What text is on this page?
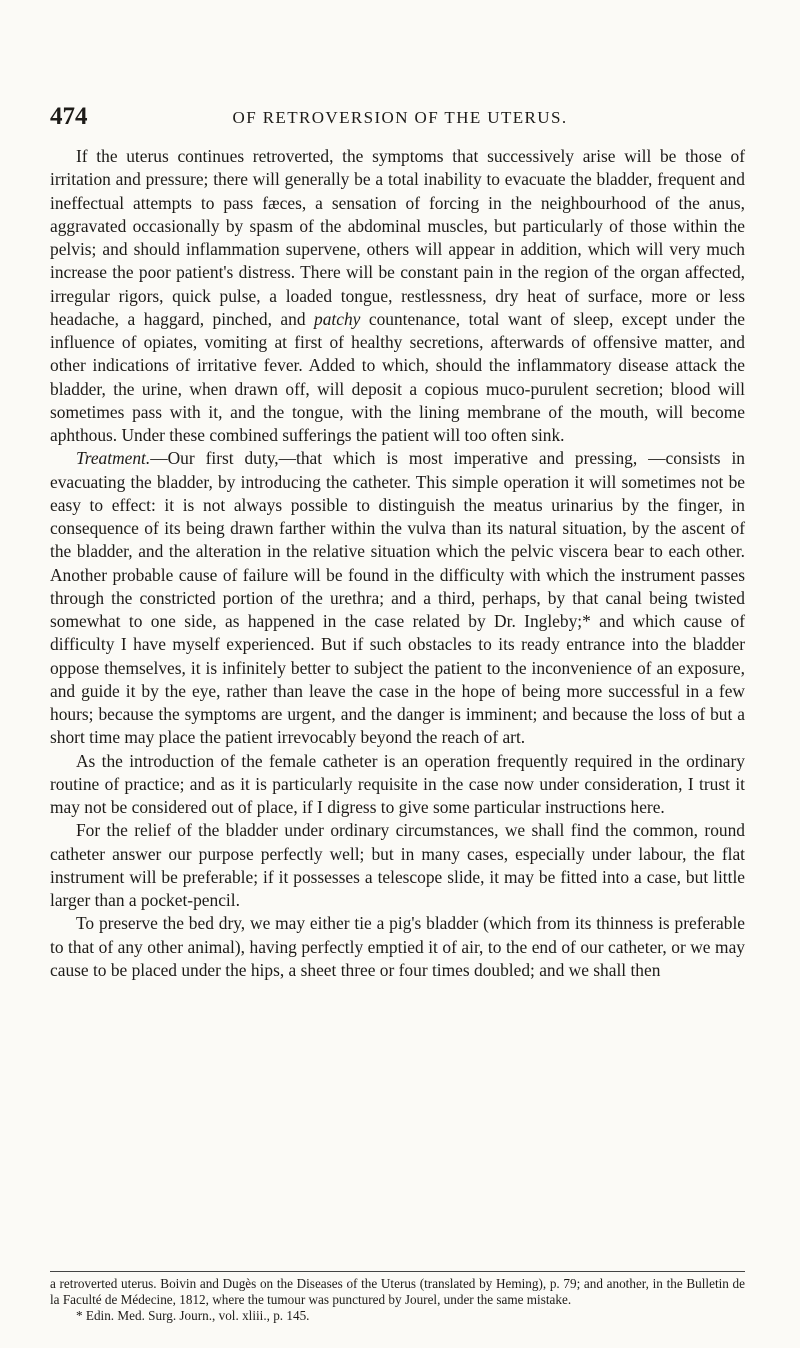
474	OF RETROVERSION OF THE UTERUS.

If the uterus continues retroverted, the symptoms that successively arise will be those of irritation and pressure; there will generally be a total inability to evacuate the bladder, frequent and ineffectual attempts to pass fæces, a sensation of forcing in the neighbourhood of the anus, aggravated occasionally by spasm of the abdominal muscles, but particularly of those within the pelvis; and should inflammation supervene, others will appear in addition, which will very much increase the poor patient's distress. There will be constant pain in the region of the organ affected, irregular rigors, quick pulse, a loaded tongue, restlessness, dry heat of surface, more or less headache, a haggard, pinched, and patchy countenance, total want of sleep, except under the influence of opiates, vomiting at first of healthy secretions, afterwards of offensive matter, and other indications of irritative fever. Added to which, should the inflammatory disease attack the bladder, the urine, when drawn off, will deposit a copious muco-purulent secretion; blood will sometimes pass with it, and the tongue, with the lining membrane of the mouth, will become aphthous. Under these combined sufferings the patient will too often sink.

Treatment.—Our first duty,—that which is most imperative and pressing, —consists in evacuating the bladder, by introducing the catheter. This simple operation it will sometimes not be easy to effect: it is not always possible to distinguish the meatus urinarius by the finger, in consequence of its being drawn farther within the vulva than its natural situation, by the ascent of the bladder, and the alteration in the relative situation which the pelvic viscera bear to each other. Another probable cause of failure will be found in the difficulty with which the instrument passes through the constricted portion of the urethra; and a third, perhaps, by that canal being twisted somewhat to one side, as happened in the case related by Dr. Ingleby;* and which cause of difficulty I have myself experienced. But if such obstacles to its ready entrance into the bladder oppose themselves, it is infinitely better to subject the patient to the inconvenience of an exposure, and guide it by the eye, rather than leave the case in the hope of being more successful in a few hours; because the symptoms are urgent, and the danger is imminent; and because the loss of but a short time may place the patient irrevocably beyond the reach of art.

As the introduction of the female catheter is an operation frequently required in the ordinary routine of practice; and as it is particularly requisite in the case now under consideration, I trust it may not be considered out of place, if I digress to give some particular instructions here.

For the relief of the bladder under ordinary circumstances, we shall find the common, round catheter answer our purpose perfectly well; but in many cases, especially under labour, the flat instrument will be preferable; if it possesses a telescope slide, it may be fitted into a case, but little larger than a pocket-pencil.

To preserve the bed dry, we may either tie a pig's bladder (which from its thinness is preferable to that of any other animal), having perfectly emptied it of air, to the end of our catheter, or we may cause to be placed under the hips, a sheet three or four times doubled; and we shall then

a retroverted uterus. Boivin and Dugès on the Diseases of the Uterus (translated by Heming), p. 79; and another, in the Bulletin de la Faculté de Médecine, 1812, where the tumour was punctured by Jourel, under the same mistake.

* Edin. Med. Surg. Journ., vol. xliii., p. 145.
